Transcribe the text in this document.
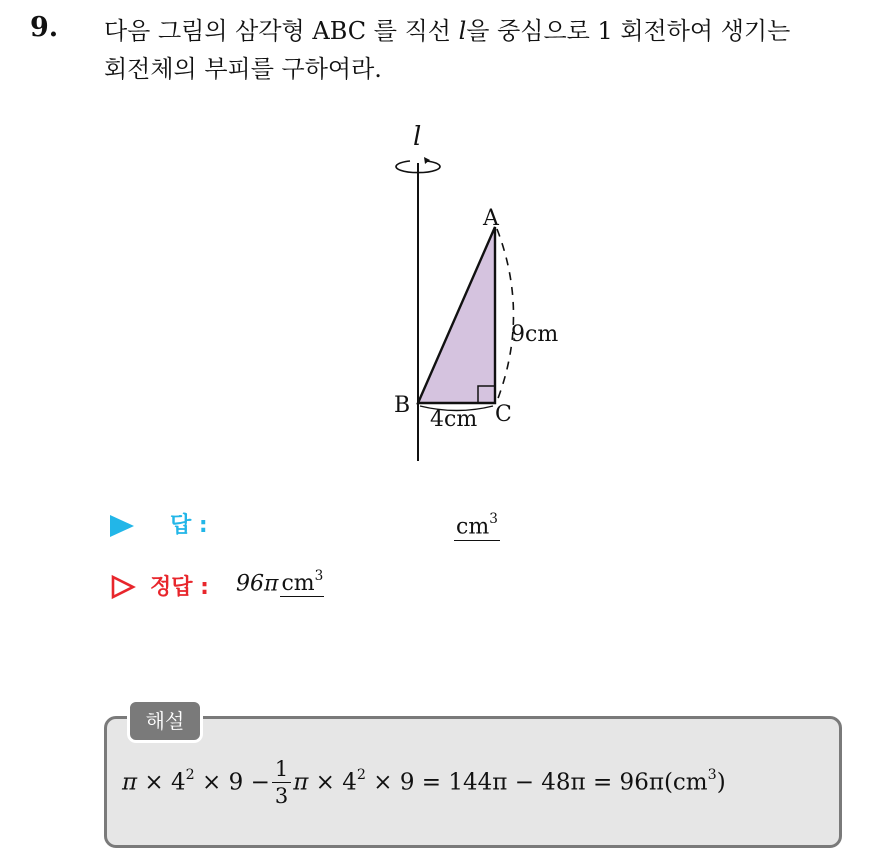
9. 다음 그림의 삼각형 ABC 를 직선 l을 중심으로 1 회전하여 생기는
회전체의 부피를 구하여라.
l
A
B	C
9cm
4cm
답 :	$cm^3$
정답 : 96π $cm^3$
해설
$\pi \times 4^2 \times 9 - \frac{1}{3}$ $\pi \times 4^2 \times 9 = 144\pi - 48\pi = 96\pi(cm^3)$
